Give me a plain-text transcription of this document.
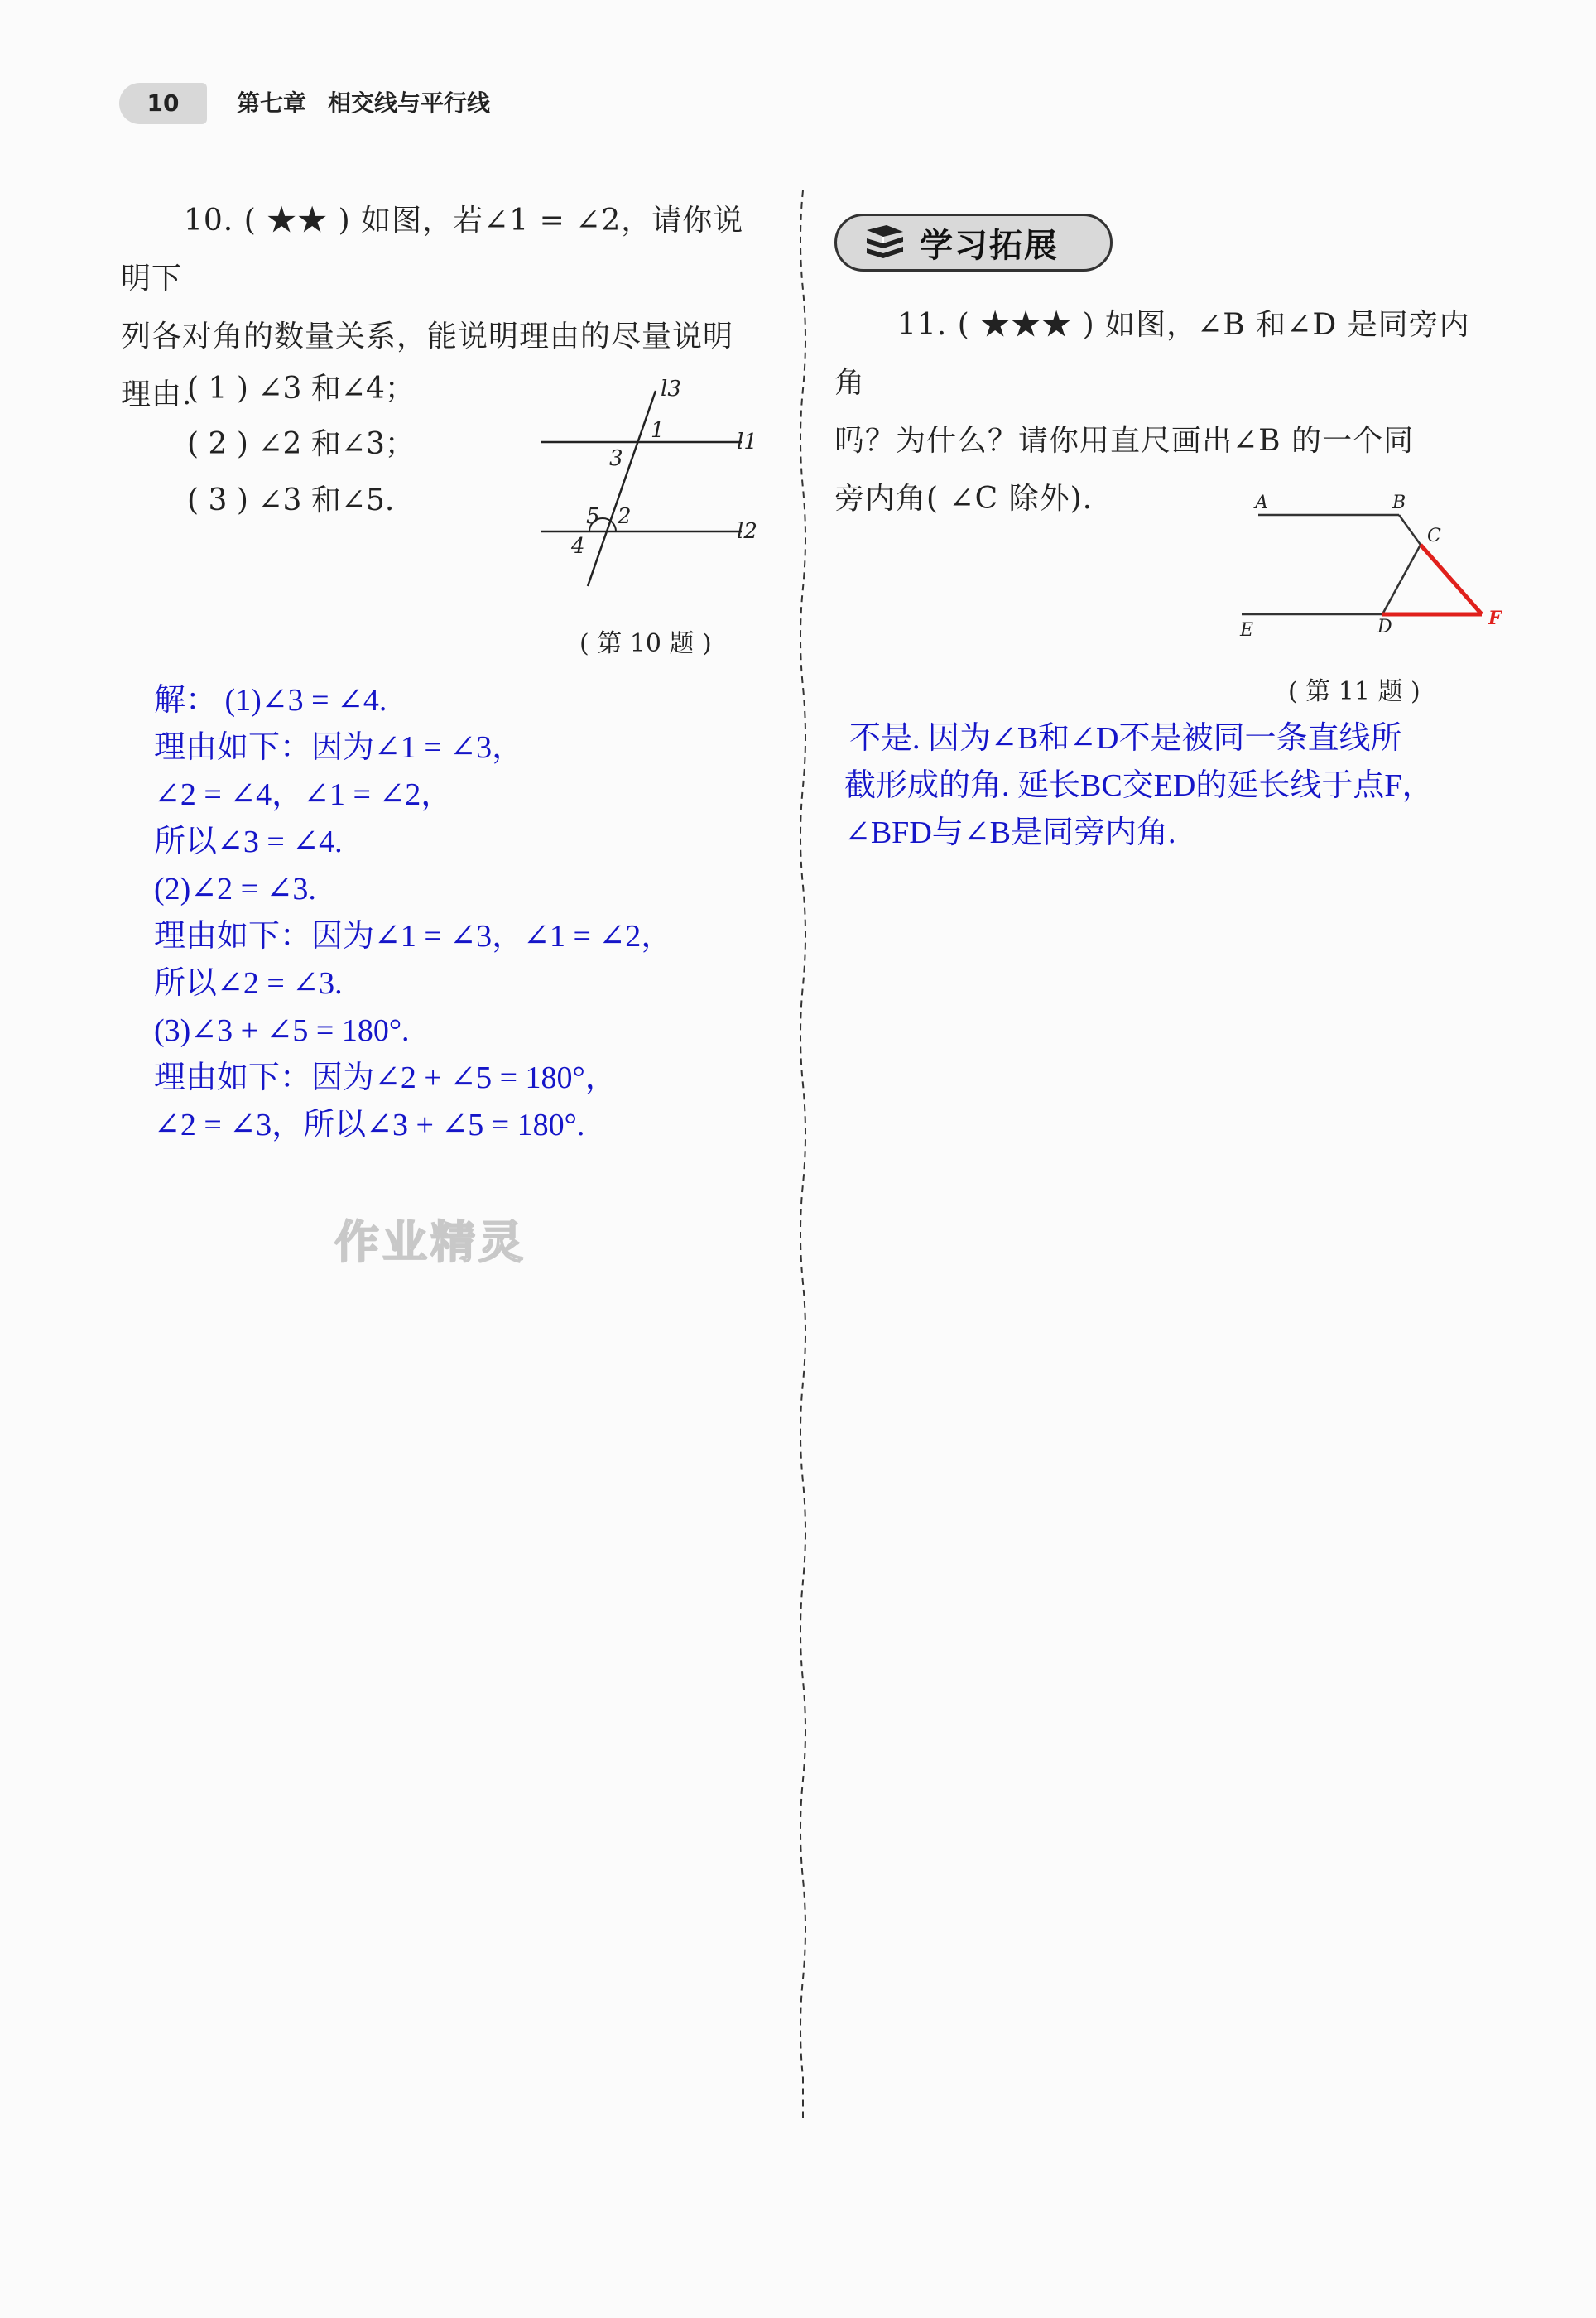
10	第七章 相交线与平行线
10. ( ★★ ) 如图，若∠1 = ∠2，请你说明下
列各对角的数量关系，能说明理由的尽量说明
理由.
( 1 ) ∠3 和∠4；
( 2 ) ∠2 和∠3；
( 3 ) ∠3 和∠5.
l3
l1
l2
1
3
5 2
4
( 第 10 题 )
解： (1)∠3 = ∠4.
理由如下：因为∠1 = ∠3，
∠2 = ∠4，∠1 = ∠2，
所以∠3 = ∠4.
(2)∠2 = ∠3.
理由如下：因为∠1 = ∠3，∠1 = ∠2，
所以∠2 = ∠3.
(3)∠3 + ∠5 = 180°.
理由如下：因为∠2 + ∠5 = 180°，
∠2 = ∠3，所以∠3 + ∠5 = 180°.
作业精灵
学习拓展
11. ( ★★★ ) 如图，∠B 和∠D 是同旁内角
吗？为什么？请你用直尺画出∠B 的一个同
旁内角( ∠C 除外).	A	B
C
E	D	F
( 第 11 题 )
不是. 因为∠B和∠D不是被同一条直线所
截形成的角. 延长BC交ED的延长线于点F，
∠BFD与∠B是同旁内角.
